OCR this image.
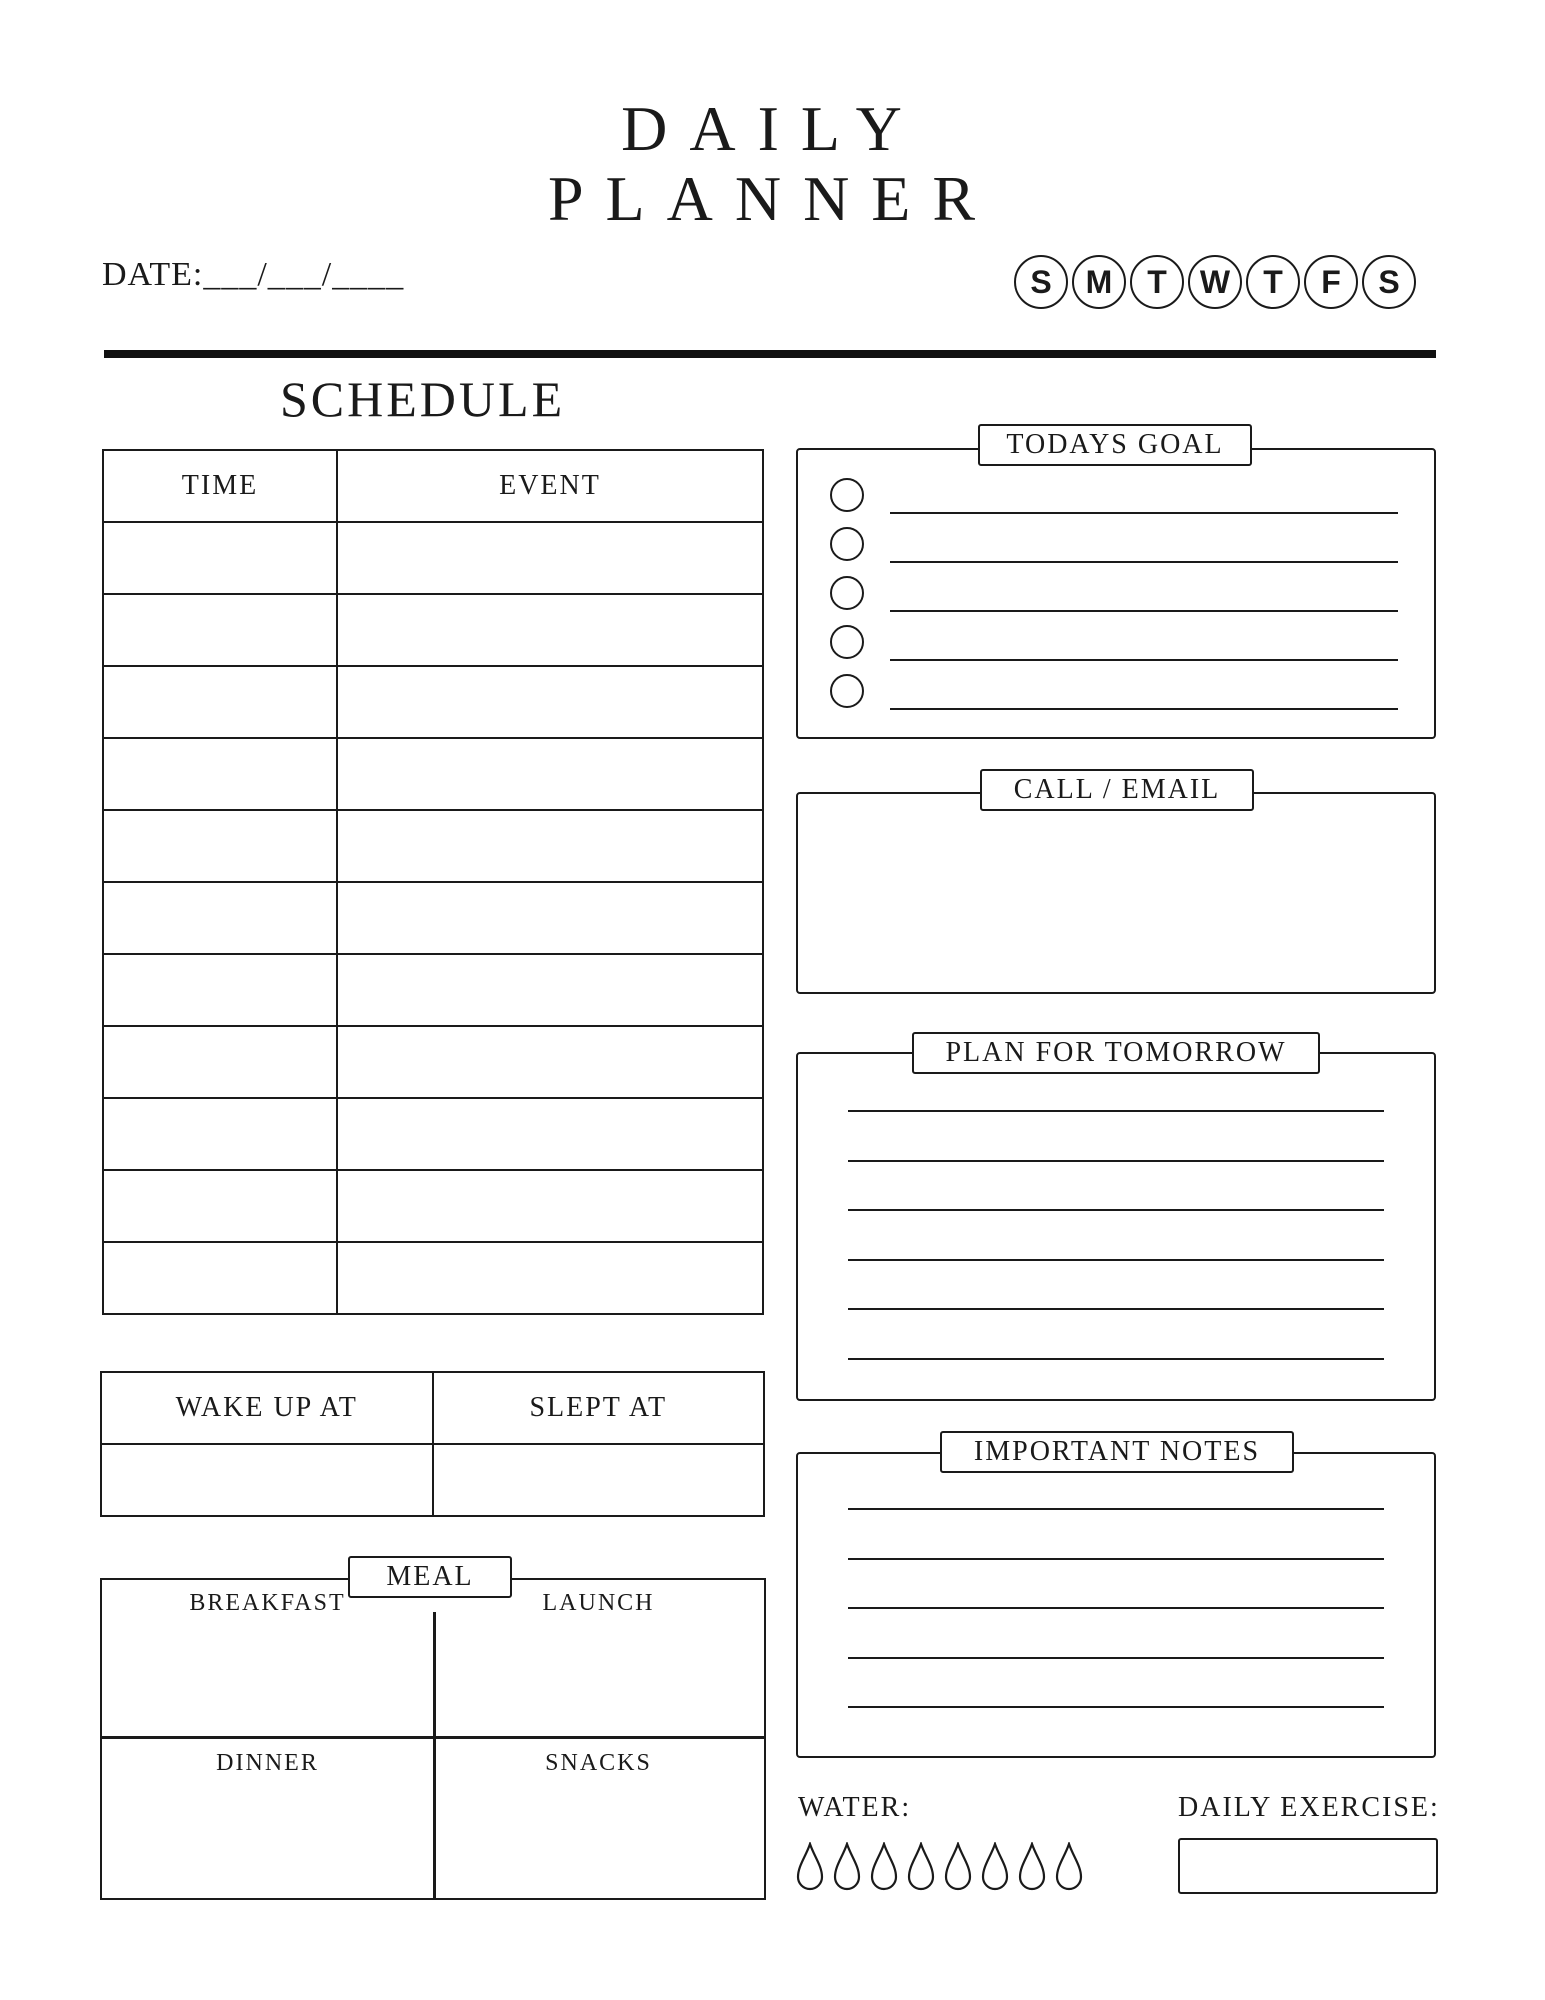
DAILY
PLANNER
DATE:___/___/____	S	M	T	W	T	F	S
SCHEDULE
TIME	EVENT

WAKE UP AT	SLEPT AT

BREAKFAST	LAUNCH
DINNER	SNACKS
MEAL
TODAYS GOAL
CALL / EMAIL
PLAN FOR TOMORROW
IMPORTANT NOTES
WATER:	DAILY EXERCISE:
